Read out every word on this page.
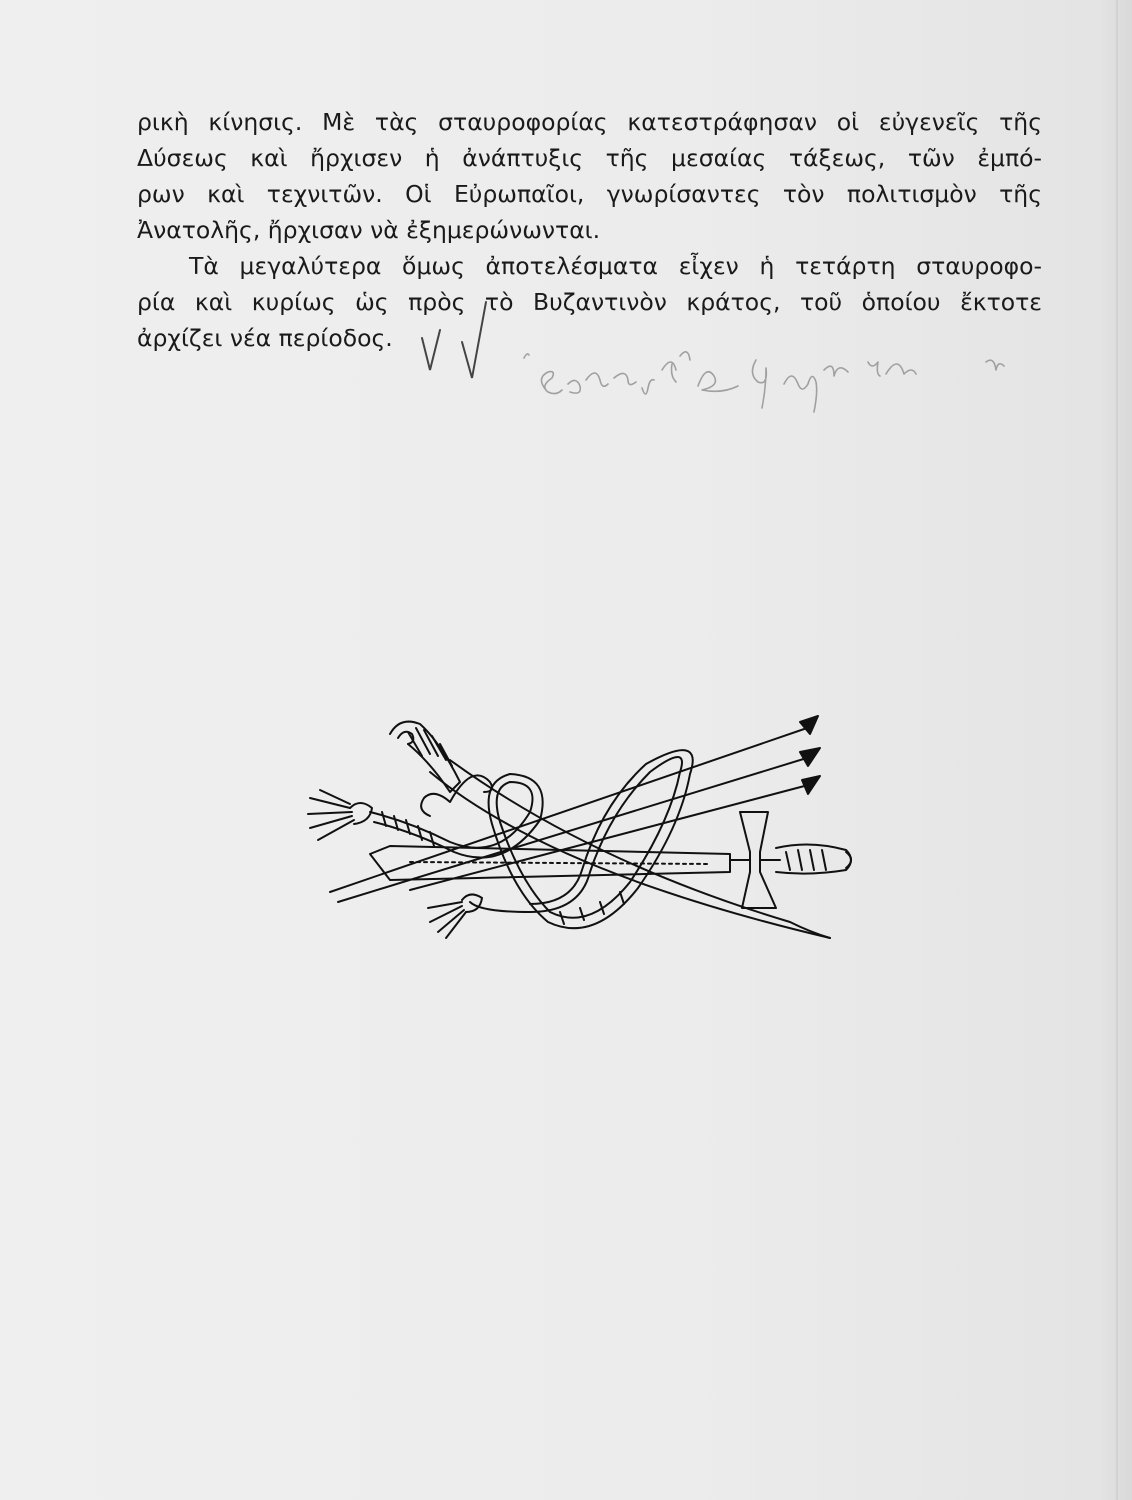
ρικὴ κίνησις. Μὲ τὰς σταυροφορίας κατεστράφησαν οἱ εὐγενεῖς τῆς
Δύσεως καὶ ἤρχισεν ἡ ἀνάπτυξις τῆς μεσαίας τάξεως, τῶν ἐμπό-
ρων καὶ τεχνιτῶν. Οἱ Εὐρωπαῖοι, γνωρίσαντες τὸν πολιτισμὸν τῆς
Ἀνατολῆς, ἤρχισαν νὰ ἐξημερώνωνται.
Τὰ μεγαλύτερα ὅμως ἀποτελέσματα εἶχεν ἡ τετάρτη σταυροφο-
ρία καὶ κυρίως ὡς πρὸς τὸ Βυζαντινὸν κράτος, τοῦ ὁποίου ἔκτοτε
ἀρχίζει νέα περίοδος.
